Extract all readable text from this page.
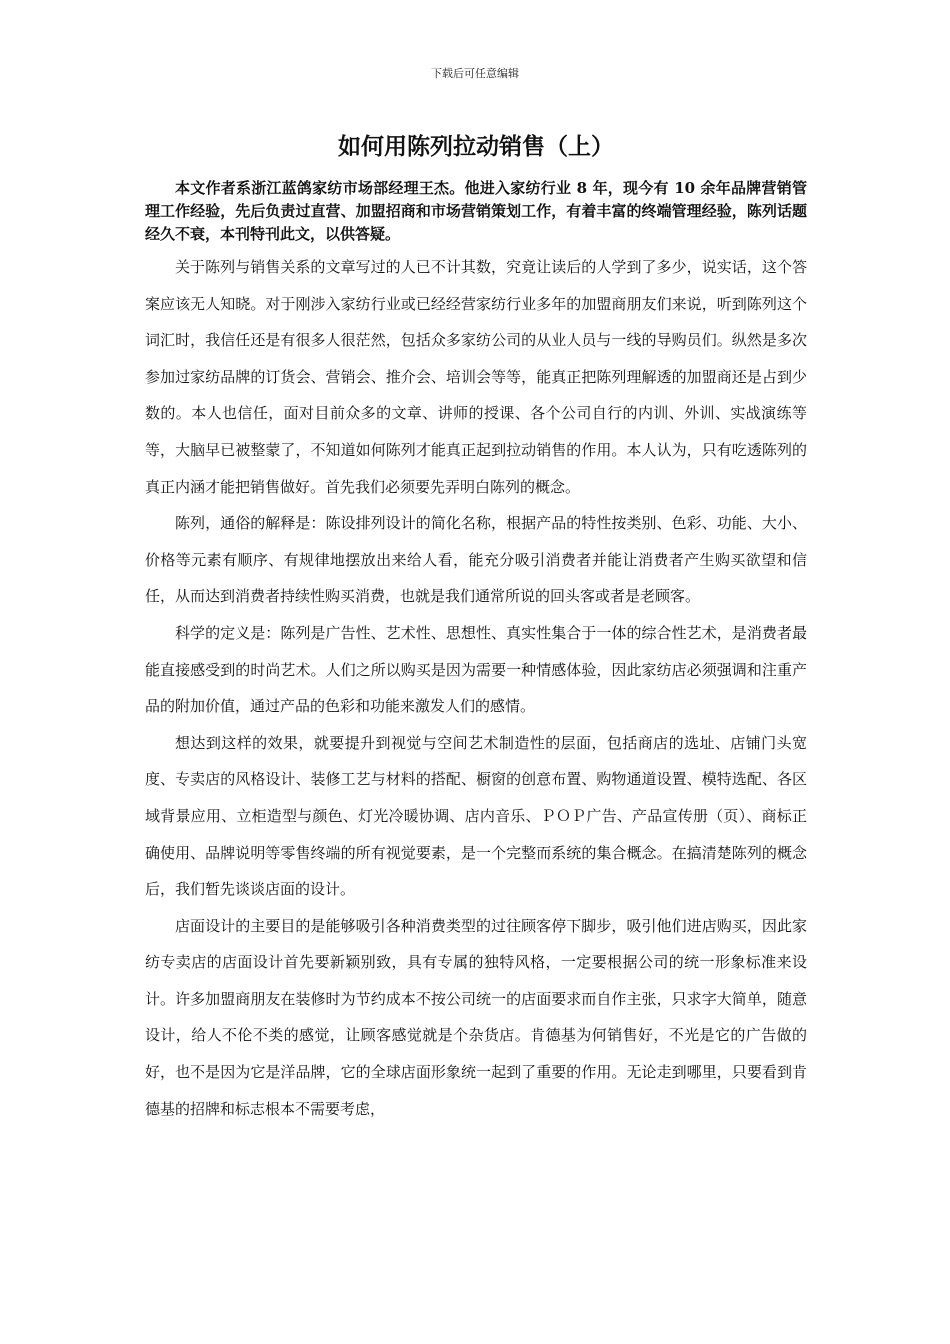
下载后可任意编辑
如何用陈列拉动销售（上）

本文作者系浙江蓝鸽家纺市场部经理王杰。他进入家纺行业 8 年，现今有 10 余年品牌营销管理工作经验，先后负责过直营、加盟招商和市场营销策划工作，有着丰富的终端管理经验，陈列话题经久不衰，本刊特刊此文，以供答疑。

关于陈列与销售关系的文章写过的人已不计其数，究竟让读后的人学到了多少，说实话，这个答案应该无人知晓。对于刚涉入家纺行业或已经经营家纺行业多年的加盟商朋友们来说，听到陈列这个词汇时，我信任还是有很多人很茫然，包括众多家纺公司的从业人员与一线的导购员们。纵然是多次参加过家纺品牌的订货会、营销会、推介会、培训会等等，能真正把陈列理解透的加盟商还是占到少数的。本人也信任，面对目前众多的文章、讲师的授课、各个公司自行的内训、外训、实战演练等等，大脑早已被整蒙了，不知道如何陈列才能真正起到拉动销售的作用。本人认为，只有吃透陈列的真正内涵才能把销售做好。首先我们必须要先弄明白陈列的概念。

陈列，通俗的解释是：陈设排列设计的简化名称，根据产品的特性按类别、色彩、功能、大小、价格等元素有顺序、有规律地摆放出来给人看，能充分吸引消费者并能让消费者产生购买欲望和信任，从而达到消费者持续性购买消费，也就是我们通常所说的回头客或者是老顾客。

科学的定义是：陈列是广告性、艺术性、思想性、真实性集合于一体的综合性艺术，是消费者最能直接感受到的时尚艺术。人们之所以购买是因为需要一种情感体验，因此家纺店必须强调和注重产品的附加价值，通过产品的色彩和功能来激发人们的感情。

想达到这样的效果，就要提升到视觉与空间艺术制造性的层面，包括商店的选址、店铺门头宽度、专卖店的风格设计、装修工艺与材料的搭配、橱窗的创意布置、购物通道设置、模特选配、各区域背景应用、立柜造型与颜色、灯光冷暖协调、店内音乐、ＰＯＰ广告、产品宣传册（页）、商标正确使用、品牌说明等零售终端的所有视觉要素，是一个完整而系统的集合概念。在搞清楚陈列的概念后，我们暂先谈谈店面的设计。

店面设计的主要目的是能够吸引各种消费类型的过往顾客停下脚步，吸引他们进店购买，因此家纺专卖店的店面设计首先要新颖别致，具有专属的独特风格，一定要根据公司的统一形象标准来设计。许多加盟商朋友在装修时为节约成本不按公司统一的店面要求而自作主张，只求字大简单，随意设计，给人不伦不类的感觉，让顾客感觉就是个杂货店。肯德基为何销售好，不光是它的广告做的好，也不是因为它是洋品牌，它的全球店面形象统一起到了重要的作用。无论走到哪里，只要看到肯德基的招牌和标志根本不需要考虑，
